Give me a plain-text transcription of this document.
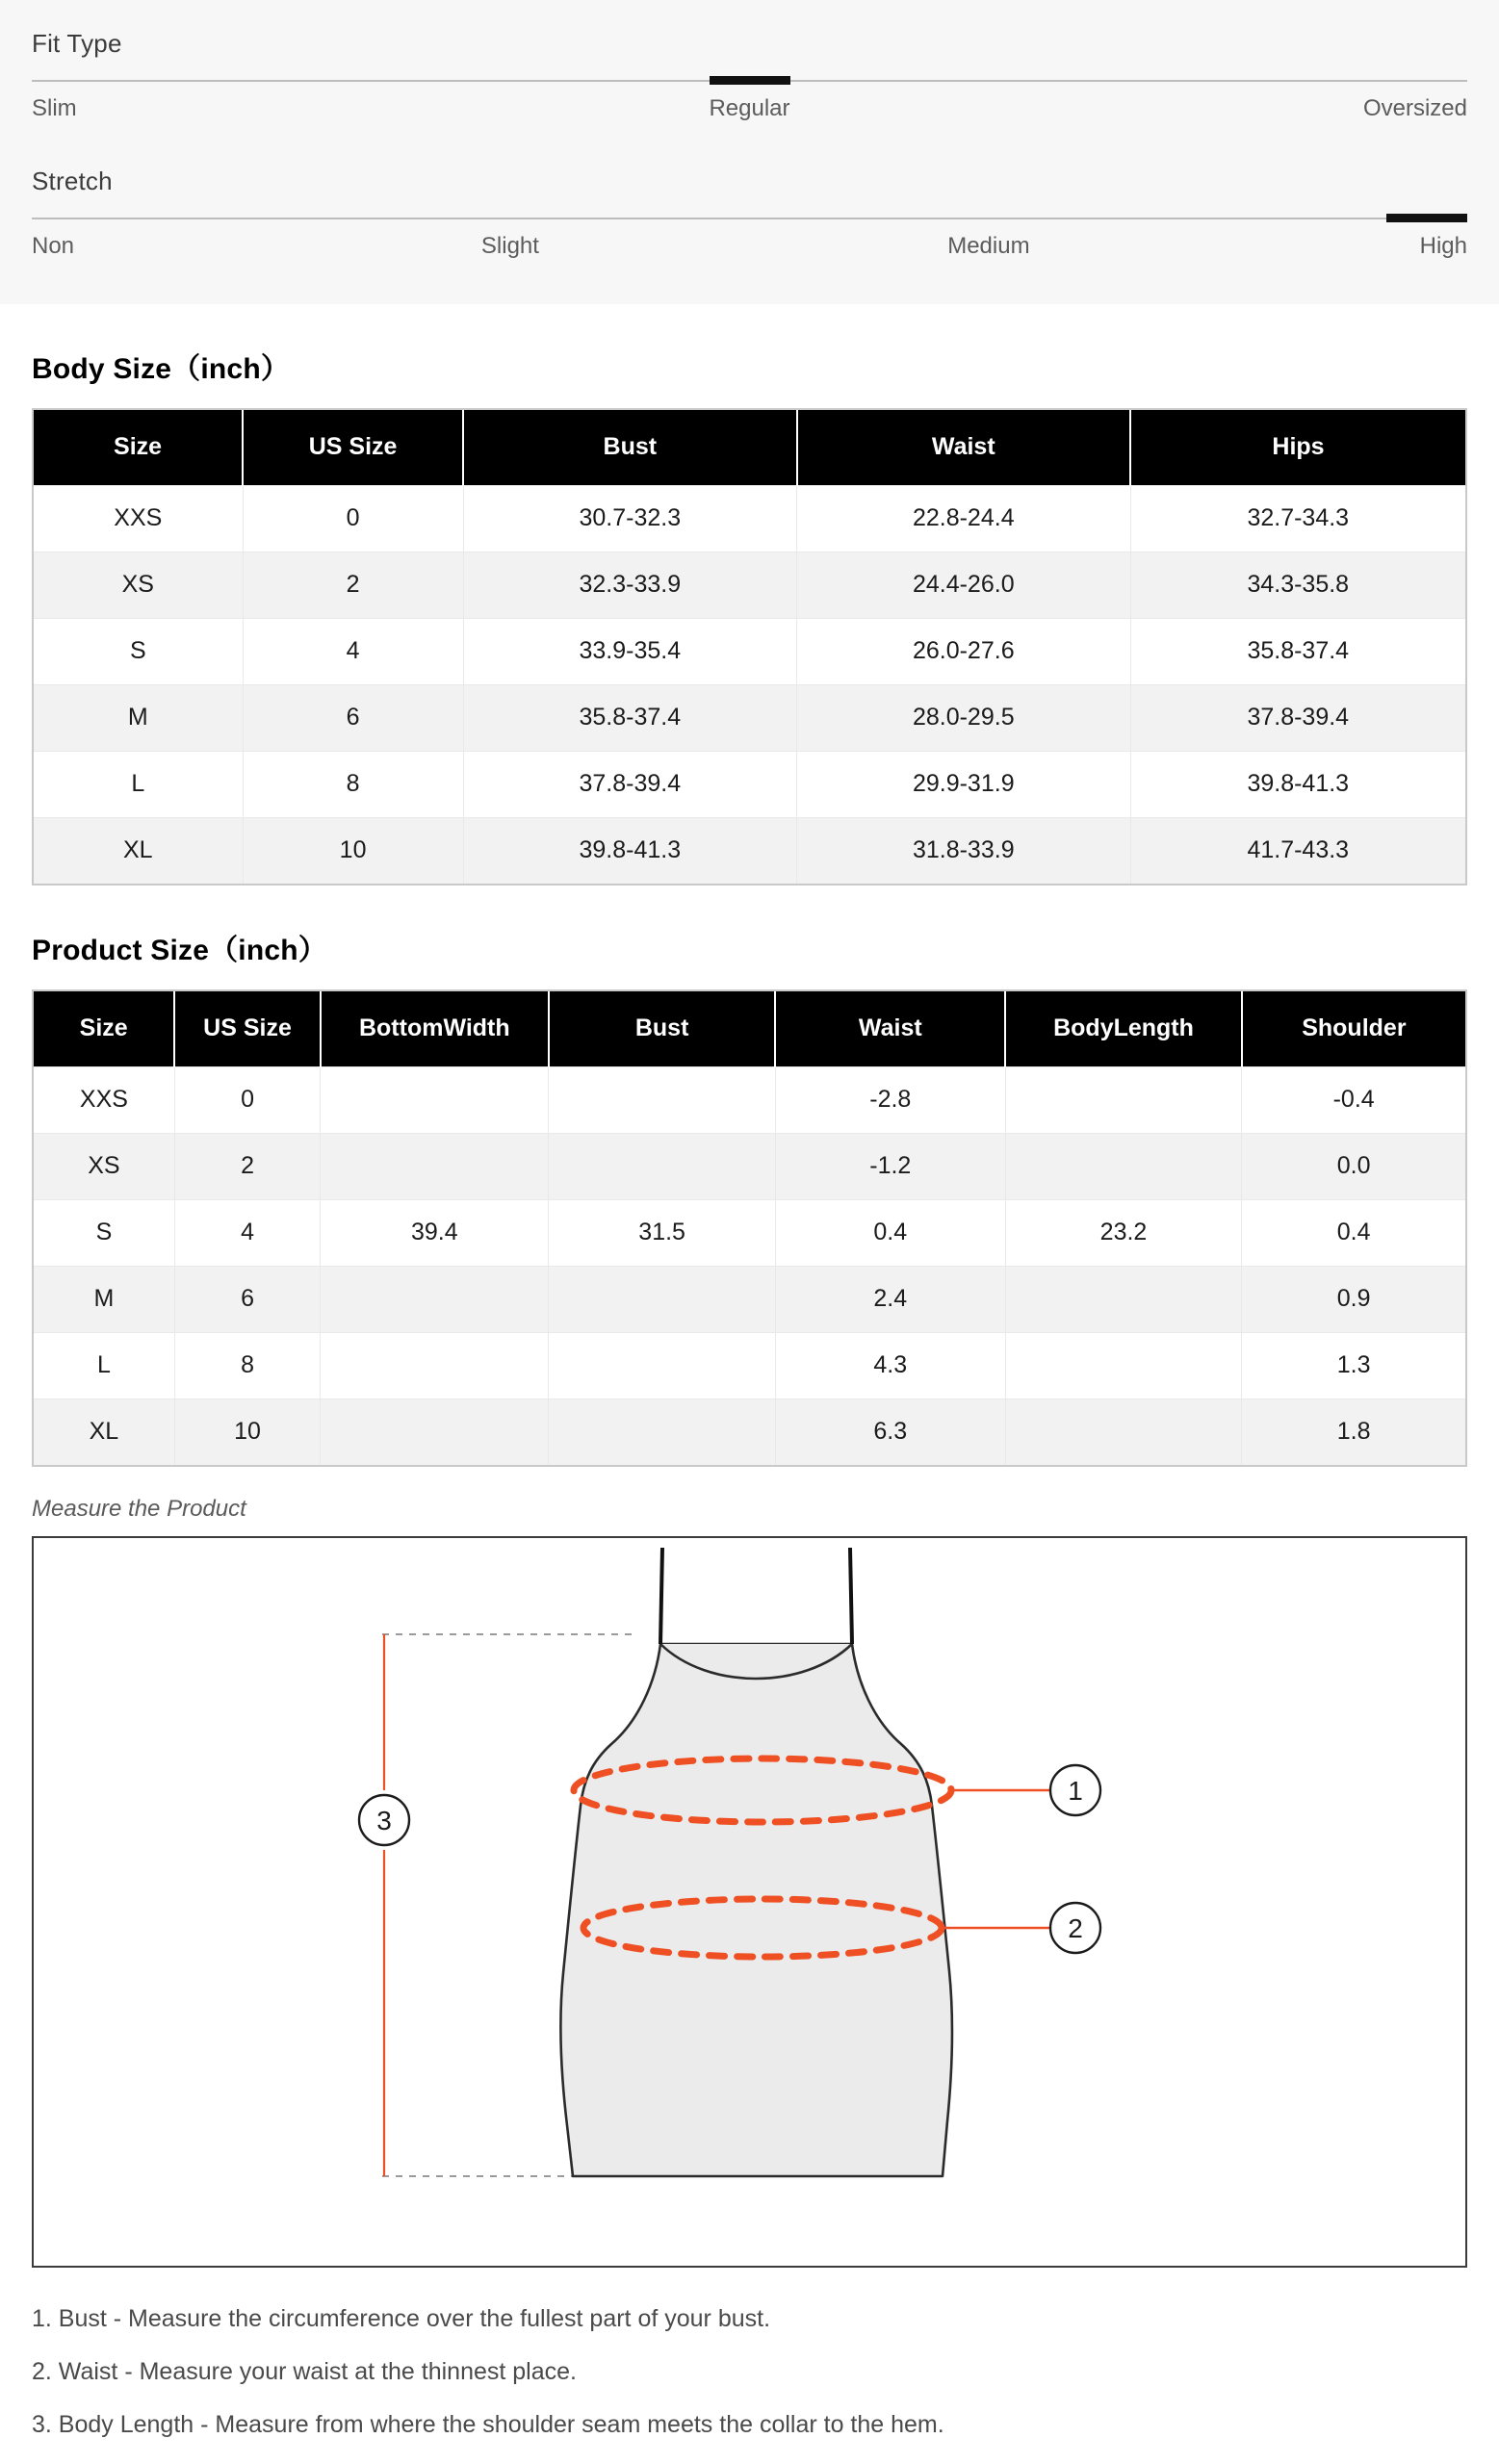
Fit Type
Slim	Regular	Oversized
Stretch
Non	Slight	Medium	High
Body Size（inch）
Size	US Size	Bust	Waist	Hips
XXS	0	30.7-32.3	22.8-24.4	32.7-34.3
XS	2	32.3-33.9	24.4-26.0	34.3-35.8
S	4	33.9-35.4	26.0-27.6	35.8-37.4
M	6	35.8-37.4	28.0-29.5	37.8-39.4
L	8	37.8-39.4	29.9-31.9	39.8-41.3
XL	10	39.8-41.3	31.8-33.9	41.7-43.3
Product Size（inch）
Size	US Size	BottomWidth	Bust	Waist	BodyLength	Shoulder
XXS	0			-2.8		-0.4
XS	2			-1.2		0.0
S	4	39.4	31.5	0.4	23.2	0.4
M	6			2.4		0.9
L	8			4.3		1.3
XL	10			6.3		1.8
Measure the Product
1
2
3

1. Bust - Measure the circumference over the fullest part of your bust.

2. Waist - Measure your waist at the thinnest place.

3. Body Length - Measure from where the shoulder seam meets the collar to the hem.
